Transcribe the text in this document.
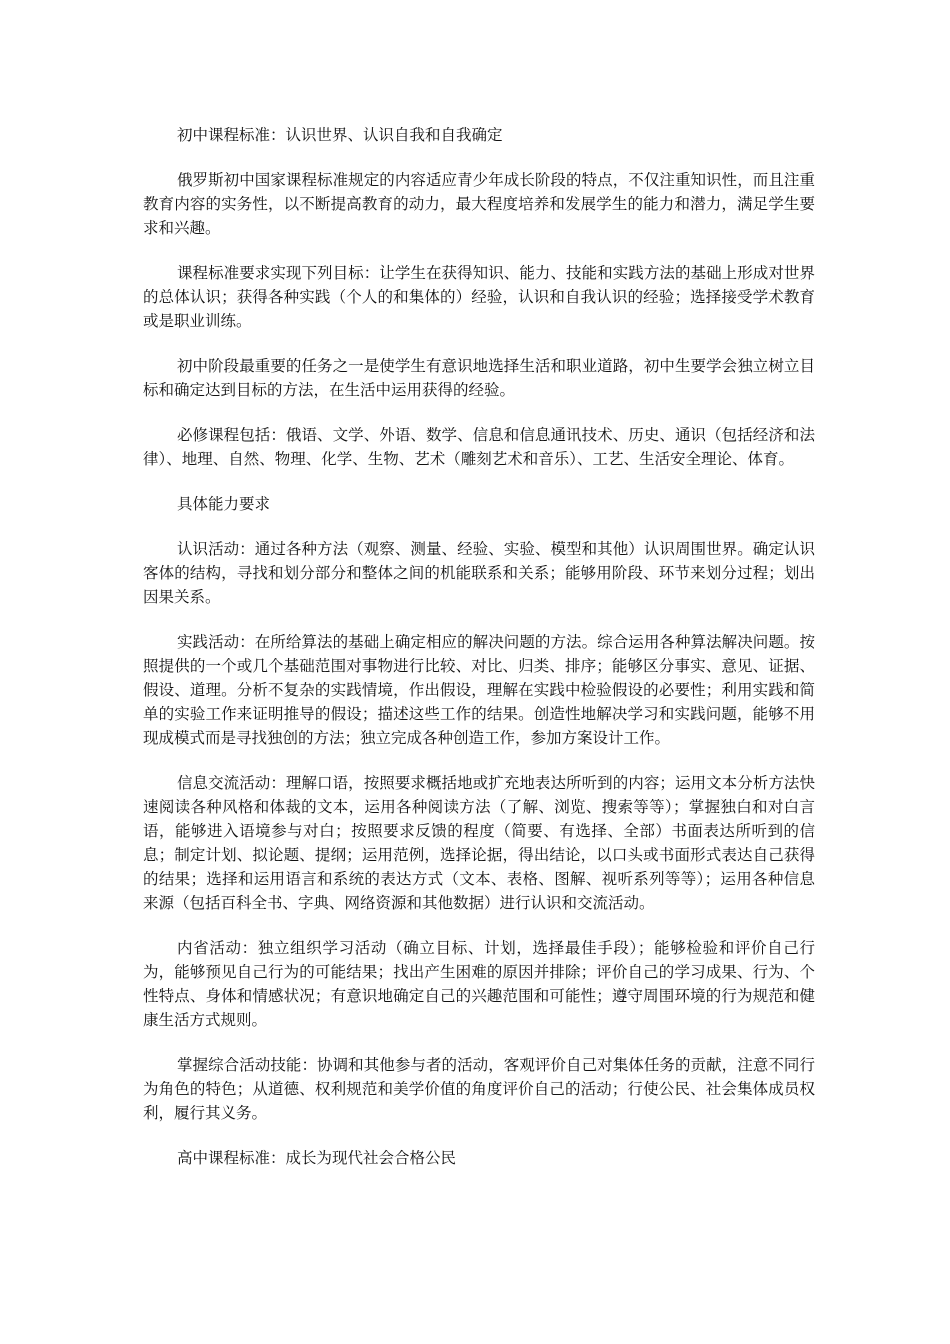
初中课程标准：认识世界、认识自我和自我确定

俄罗斯初中国家课程标准规定的内容适应青少年成长阶段的特点，不仅注重知识性，而且注重教育内容的实务性，以不断提高教育的动力，最大程度培养和发展学生的能力和潜力，满足学生要求和兴趣。

课程标准要求实现下列目标：让学生在获得知识、能力、技能和实践方法的基础上形成对世界的总体认识；获得各种实践（个人的和集体的）经验，认识和自我认识的经验；选择接受学术教育或是职业训练。

初中阶段最重要的任务之一是使学生有意识地选择生活和职业道路，初中生要学会独立树立目标和确定达到目标的方法，在生活中运用获得的经验。

必修课程包括：俄语、文学、外语、数学、信息和信息通讯技术、历史、通识（包括经济和法律）、地理、自然、物理、化学、生物、艺术（雕刻艺术和音乐）、工艺、生活安全理论、体育。

具体能力要求

认识活动：通过各种方法（观察、测量、经验、实验、模型和其他）认识周围世界。确定认识客体的结构，寻找和划分部分和整体之间的机能联系和关系；能够用阶段、环节来划分过程；划出因果关系。

实践活动：在所给算法的基础上确定相应的解决问题的方法。综合运用各种算法解决问题。按照提供的一个或几个基础范围对事物进行比较、对比、归类、排序；能够区分事实、意见、证据、假设、道理。分析不复杂的实践情境，作出假设，理解在实践中检验假设的必要性；利用实践和简单的实验工作来证明推导的假设；描述这些工作的结果。创造性地解决学习和实践问题，能够不用现成模式而是寻找独创的方法；独立完成各种创造工作，参加方案设计工作。

信息交流活动：理解口语，按照要求概括地或扩充地表达所听到的内容；运用文本分析方法快速阅读各种风格和体裁的文本，运用各种阅读方法（了解、浏览、搜索等等）；掌握独白和对白言语，能够进入语境参与对白；按照要求反馈的程度（简要、有选择、全部）书面表达所听到的信息；制定计划、拟论题、提纲；运用范例，选择论据，得出结论，以口头或书面形式表达自己获得的结果；选择和运用语言和系统的表达方式（文本、表格、图解、视听系列等等）；运用各种信息来源（包括百科全书、字典、网络资源和其他数据）进行认识和交流活动。

内省活动：独立组织学习活动（确立目标、计划，选择最佳手段）；能够检验和评价自己行为，能够预见自己行为的可能结果；找出产生困难的原因并排除；评价自己的学习成果、行为、个性特点、身体和情感状况；有意识地确定自己的兴趣范围和可能性；遵守周围环境的行为规范和健康生活方式规则。

掌握综合活动技能：协调和其他参与者的活动，客观评价自己对集体任务的贡献，注意不同行为角色的特色；从道德、权利规范和美学价值的角度评价自己的活动；行使公民、社会集体成员权利，履行其义务。

高中课程标准：成长为现代社会合格公民
